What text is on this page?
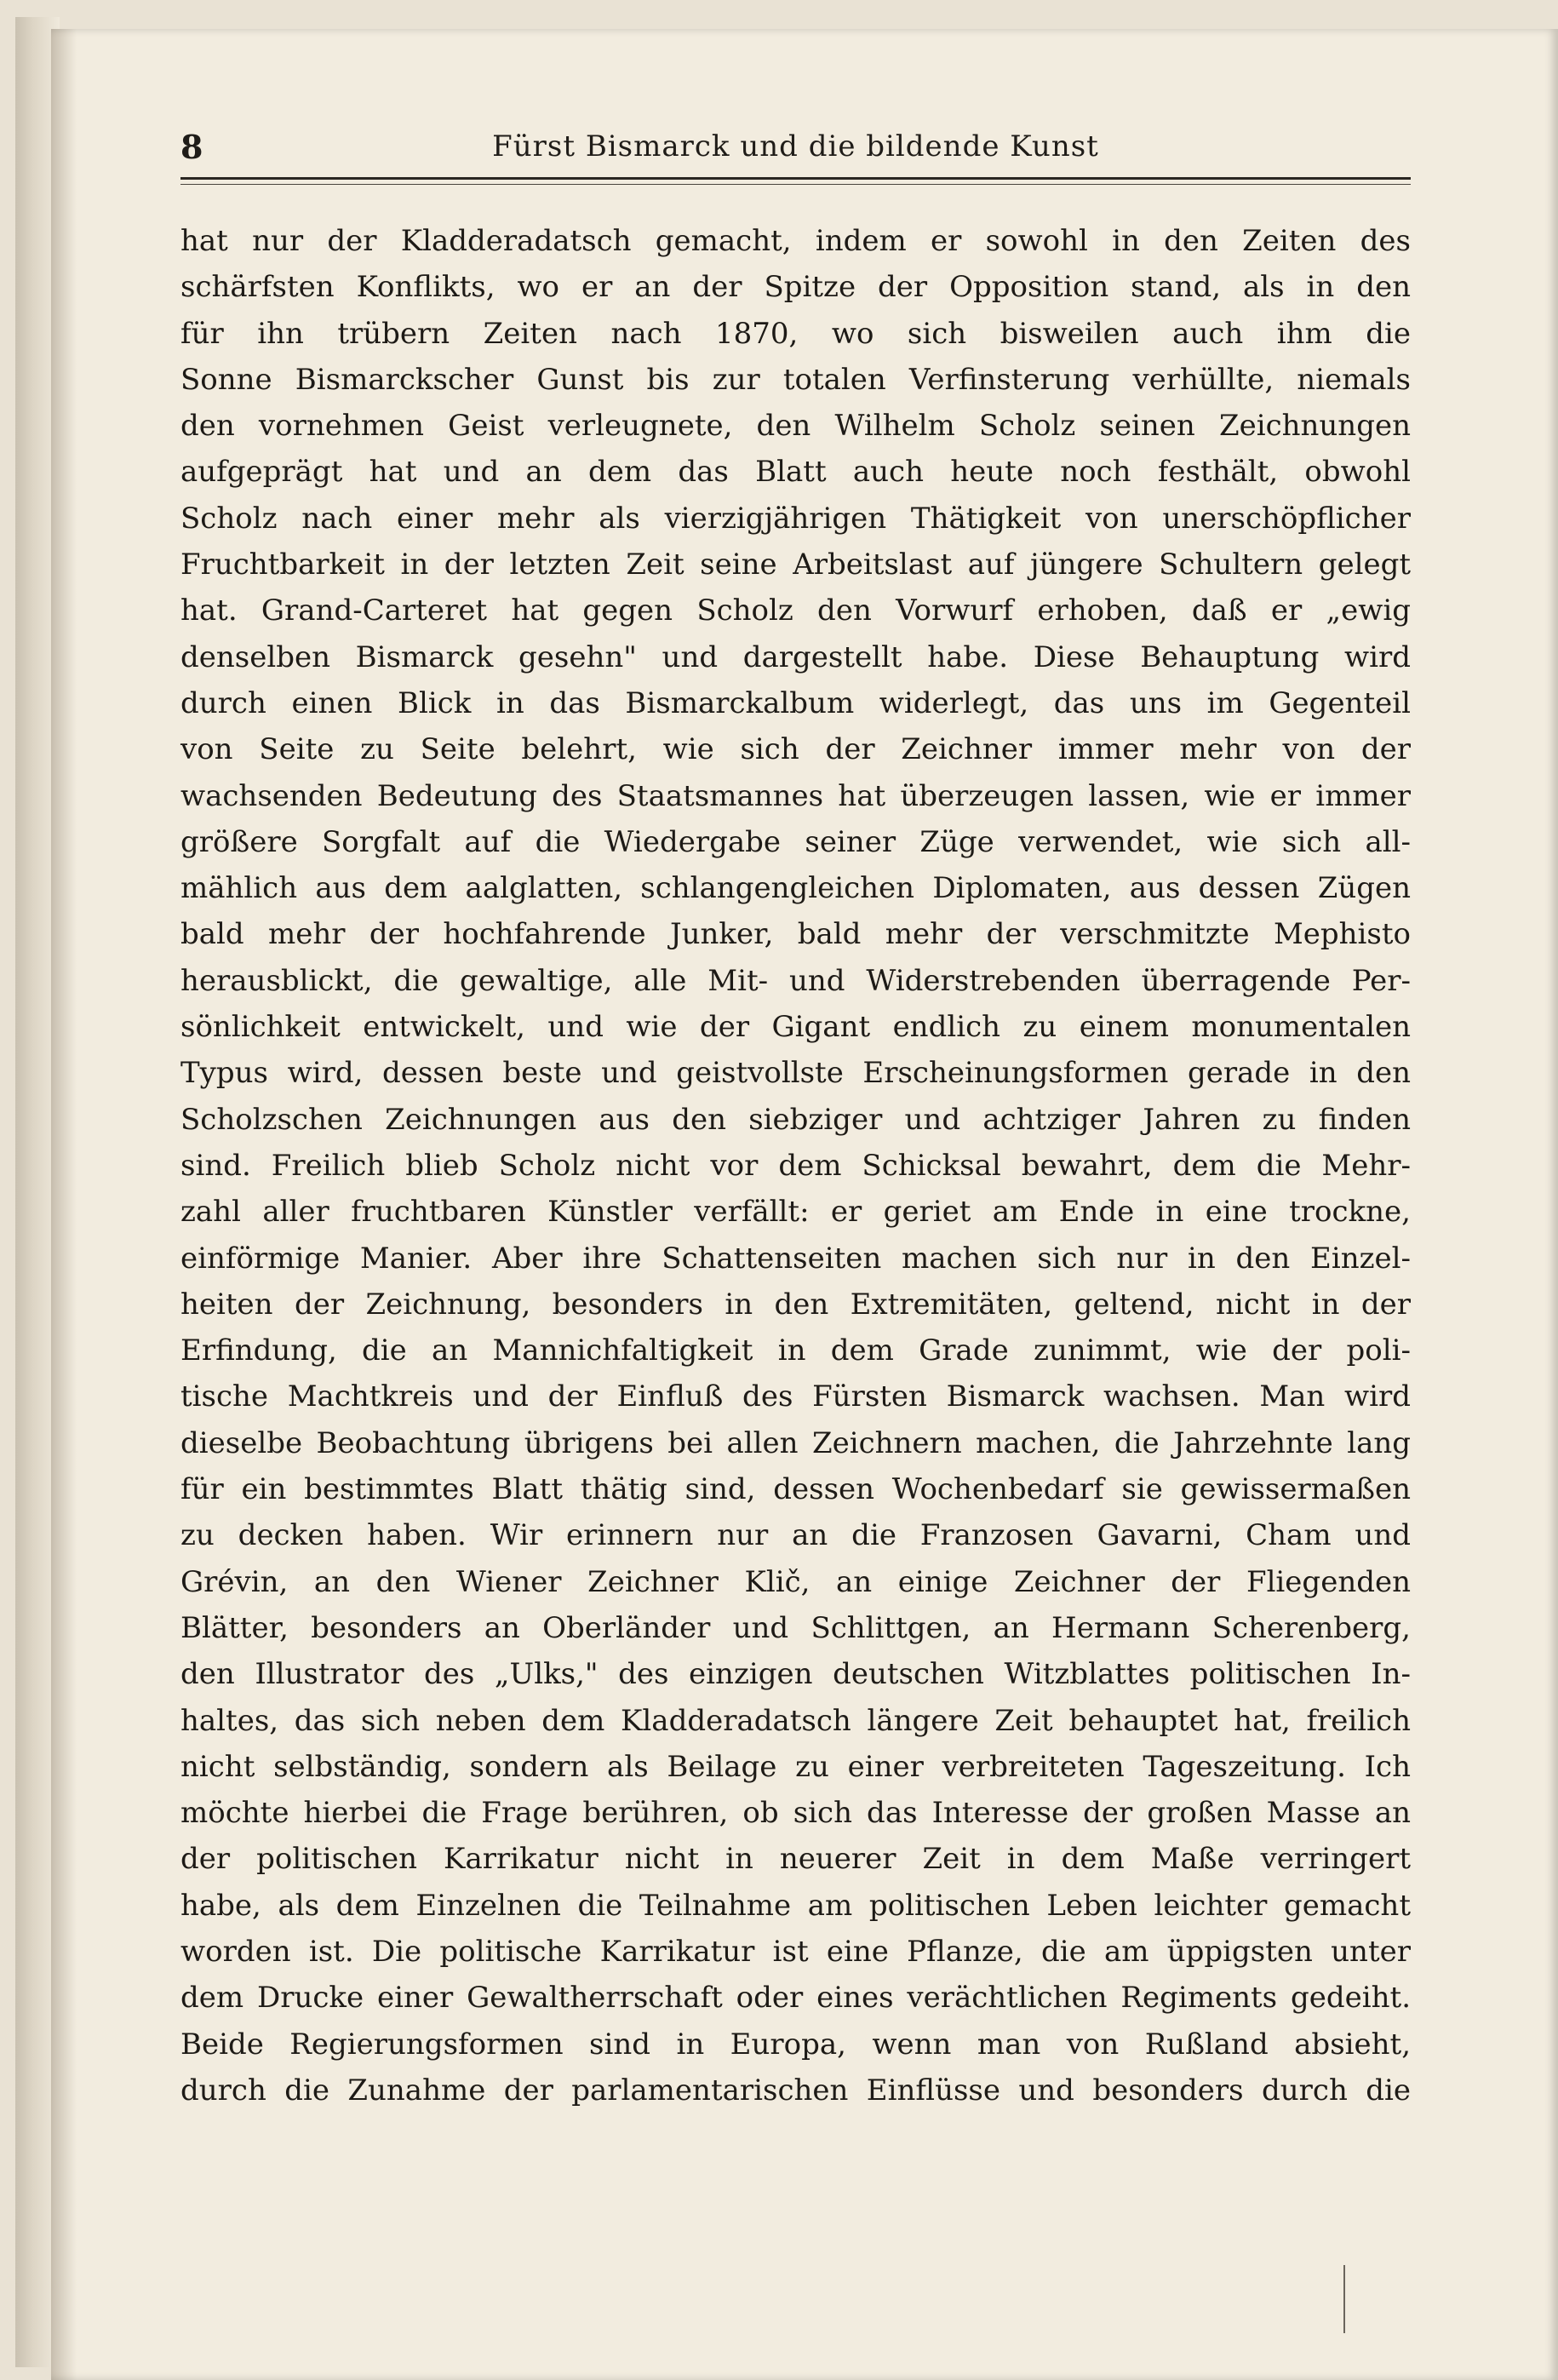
8	Fürst Bismarck und die bildende Kunst
hat nur der Kladderadatsch gemacht, indem er sowohl in den Zeiten des
schärfsten Konflikts, wo er an der Spitze der Opposition stand, als in den
für ihn trübern Zeiten nach 1870, wo sich bisweilen auch ihm die
Sonne Bismarckscher Gunst bis zur totalen Verfinsterung verhüllte, niemals
den vornehmen Geist verleugnete, den Wilhelm Scholz seinen Zeichnungen
aufgeprägt hat und an dem das Blatt auch heute noch festhält, obwohl
Scholz nach einer mehr als vierzigjährigen Thätigkeit von unerschöpflicher
Fruchtbarkeit in der letzten Zeit seine Arbeitslast auf jüngere Schultern gelegt
hat. Grand-Carteret hat gegen Scholz den Vorwurf erhoben, daß er „ewig
denselben Bismarck gesehn" und dargestellt habe. Diese Behauptung wird
durch einen Blick in das Bismarckalbum widerlegt, das uns im Gegenteil
von Seite zu Seite belehrt, wie sich der Zeichner immer mehr von der
wachsenden Bedeutung des Staatsmannes hat überzeugen lassen, wie er immer
größere Sorgfalt auf die Wiedergabe seiner Züge verwendet, wie sich all-
mählich aus dem aalglatten, schlangengleichen Diplomaten, aus dessen Zügen
bald mehr der hochfahrende Junker, bald mehr der verschmitzte Mephisto
herausblickt, die gewaltige, alle Mit- und Widerstrebenden überragende Per-
sönlichkeit entwickelt, und wie der Gigant endlich zu einem monumentalen
Typus wird, dessen beste und geistvollste Erscheinungsformen gerade in den
Scholzschen Zeichnungen aus den siebziger und achtziger Jahren zu finden
sind. Freilich blieb Scholz nicht vor dem Schicksal bewahrt, dem die Mehr-
zahl aller fruchtbaren Künstler verfällt: er geriet am Ende in eine trockne,
einförmige Manier. Aber ihre Schattenseiten machen sich nur in den Einzel-
heiten der Zeichnung, besonders in den Extremitäten, geltend, nicht in der
Erfindung, die an Mannichfaltigkeit in dem Grade zunimmt, wie der poli-
tische Machtkreis und der Einfluß des Fürsten Bismarck wachsen. Man wird
dieselbe Beobachtung übrigens bei allen Zeichnern machen, die Jahrzehnte lang
für ein bestimmtes Blatt thätig sind, dessen Wochenbedarf sie gewissermaßen
zu decken haben. Wir erinnern nur an die Franzosen Gavarni, Cham und
Grévin, an den Wiener Zeichner Klič, an einige Zeichner der Fliegenden
Blätter, besonders an Oberländer und Schlittgen, an Hermann Scherenberg,
den Illustrator des „Ulks," des einzigen deutschen Witzblattes politischen In-
haltes, das sich neben dem Kladderadatsch längere Zeit behauptet hat, freilich
nicht selbständig, sondern als Beilage zu einer verbreiteten Tageszeitung. Ich
möchte hierbei die Frage berühren, ob sich das Interesse der großen Masse an
der politischen Karrikatur nicht in neuerer Zeit in dem Maße verringert
habe, als dem Einzelnen die Teilnahme am politischen Leben leichter gemacht
worden ist. Die politische Karrikatur ist eine Pflanze, die am üppigsten unter
dem Drucke einer Gewaltherrschaft oder eines verächtlichen Regiments gedeiht.
Beide Regierungsformen sind in Europa, wenn man von Rußland absieht,
durch die Zunahme der parlamentarischen Einflüsse und besonders durch die
